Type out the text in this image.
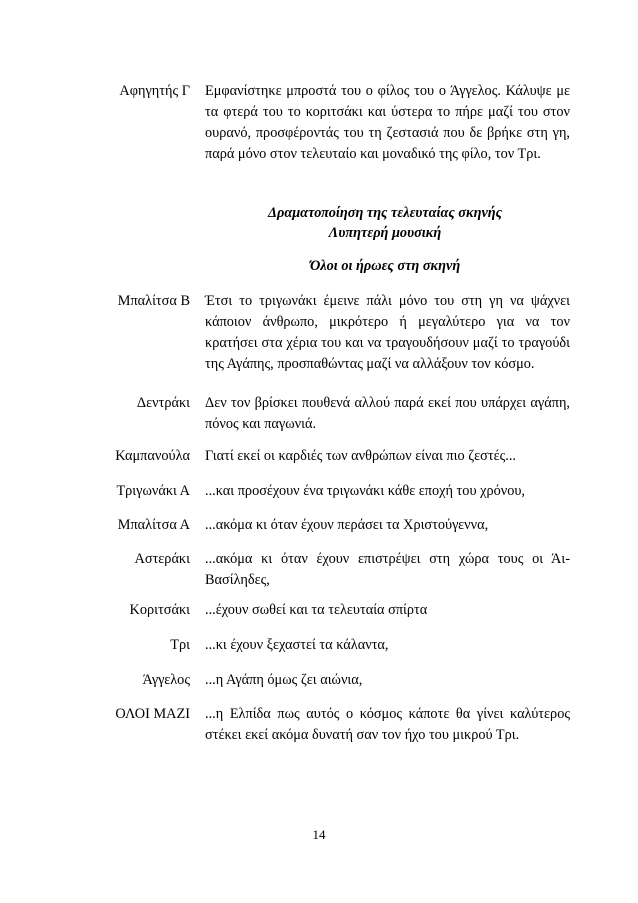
Αφηγητής Γ Εμφανίστηκε μπροστά του ο φίλος του ο Άγγελος. Κάλυψε με τα φτερά του το κοριτσάκι και ύστερα το πήρε μαζί του στον ουρανό, προσφέροντάς του τη ζεστασιά που δε βρήκε στη γη, παρά μόνο στον τελευταίο και μοναδικό της φίλο, τον Τρι.
Δραματοποίηση της τελευταίας σκηνής
Λυπητερή μουσική
Όλοι οι ήρωες στη σκηνή
Μπαλίτσα Β Έτσι το τριγωνάκι έμεινε πάλι μόνο του στη γη να ψάχνει κάποιον άνθρωπο, μικρότερο ή μεγαλύτερο για να τον κρατήσει στα χέρια του και να τραγουδήσουν μαζί το τραγούδι της Αγάπης, προσπαθώντας μαζί να αλλάξουν τον κόσμο.
Δεντράκι Δεν τον βρίσκει πουθενά αλλού παρά εκεί που υπάρχει αγάπη, πόνος και παγωνιά.
Καμπανούλα Γιατί εκεί οι καρδιές των ανθρώπων είναι πιο ζεστές...
Τριγωνάκι Α ...και προσέχουν ένα τριγωνάκι κάθε εποχή του χρόνου,
Μπαλίτσα Α ...ακόμα κι όταν έχουν περάσει τα Χριστούγεννα,
Αστεράκι ...ακόμα κι όταν έχουν επιστρέψει στη χώρα τους οι Άι-Βασίληδες,
Κοριτσάκι ...έχουν σωθεί και τα τελευταία σπίρτα
Τρι ...κι έχουν ξεχαστεί τα κάλαντα,
Άγγελος ...η Αγάπη όμως ζει αιώνια,
ΟΛΟΙ ΜΑΖΙ ...η Ελπίδα πως αυτός ο κόσμος κάποτε θα γίνει καλύτερος στέκει εκεί ακόμα δυνατή σαν τον ήχο του μικρού Τρι.
14
